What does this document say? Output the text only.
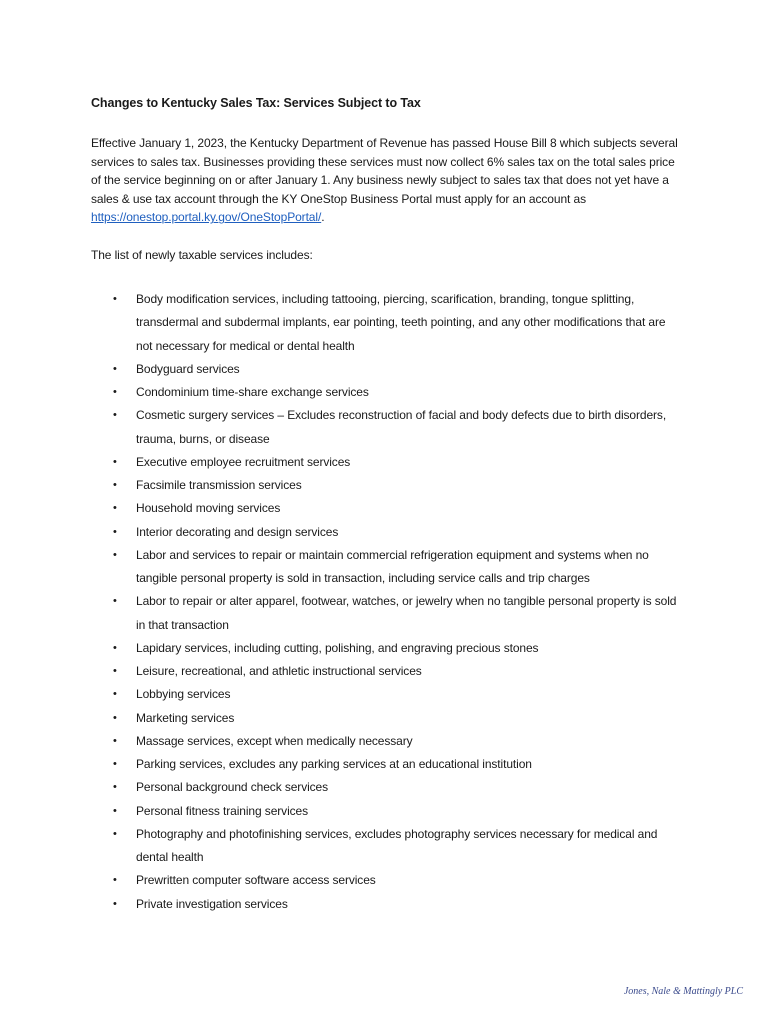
Changes to Kentucky Sales Tax: Services Subject to Tax
Effective January 1, 2023, the Kentucky Department of Revenue has passed House Bill 8 which subjects several services to sales tax. Businesses providing these services must now collect 6% sales tax on the total sales price of the service beginning on or after January 1. Any business newly subject to sales tax that does not yet have a sales & use tax account through the KY OneStop Business Portal must apply for an account as https://onestop.portal.ky.gov/OneStopPortal/.
The list of newly taxable services includes:
• Body modification services, including tattooing, piercing, scarification, branding, tongue splitting, transdermal and subdermal implants, ear pointing, teeth pointing, and any other modifications that are not necessary for medical or dental health
• Bodyguard services
• Condominium time-share exchange services
• Cosmetic surgery services – Excludes reconstruction of facial and body defects due to birth disorders, trauma, burns, or disease
• Executive employee recruitment services
• Facsimile transmission services
• Household moving services
• Interior decorating and design services
• Labor and services to repair or maintain commercial refrigeration equipment and systems when no tangible personal property is sold in transaction, including service calls and trip charges
• Labor to repair or alter apparel, footwear, watches, or jewelry when no tangible personal property is sold in that transaction
• Lapidary services, including cutting, polishing, and engraving precious stones
• Leisure, recreational, and athletic instructional services
• Lobbying services
• Marketing services
• Massage services, except when medically necessary
• Parking services, excludes any parking services at an educational institution
• Personal background check services
• Personal fitness training services
• Photography and photofinishing services, excludes photography services necessary for medical and dental health
• Prewritten computer software access services
• Private investigation services
Jones, Nale & Mattingly PLC
